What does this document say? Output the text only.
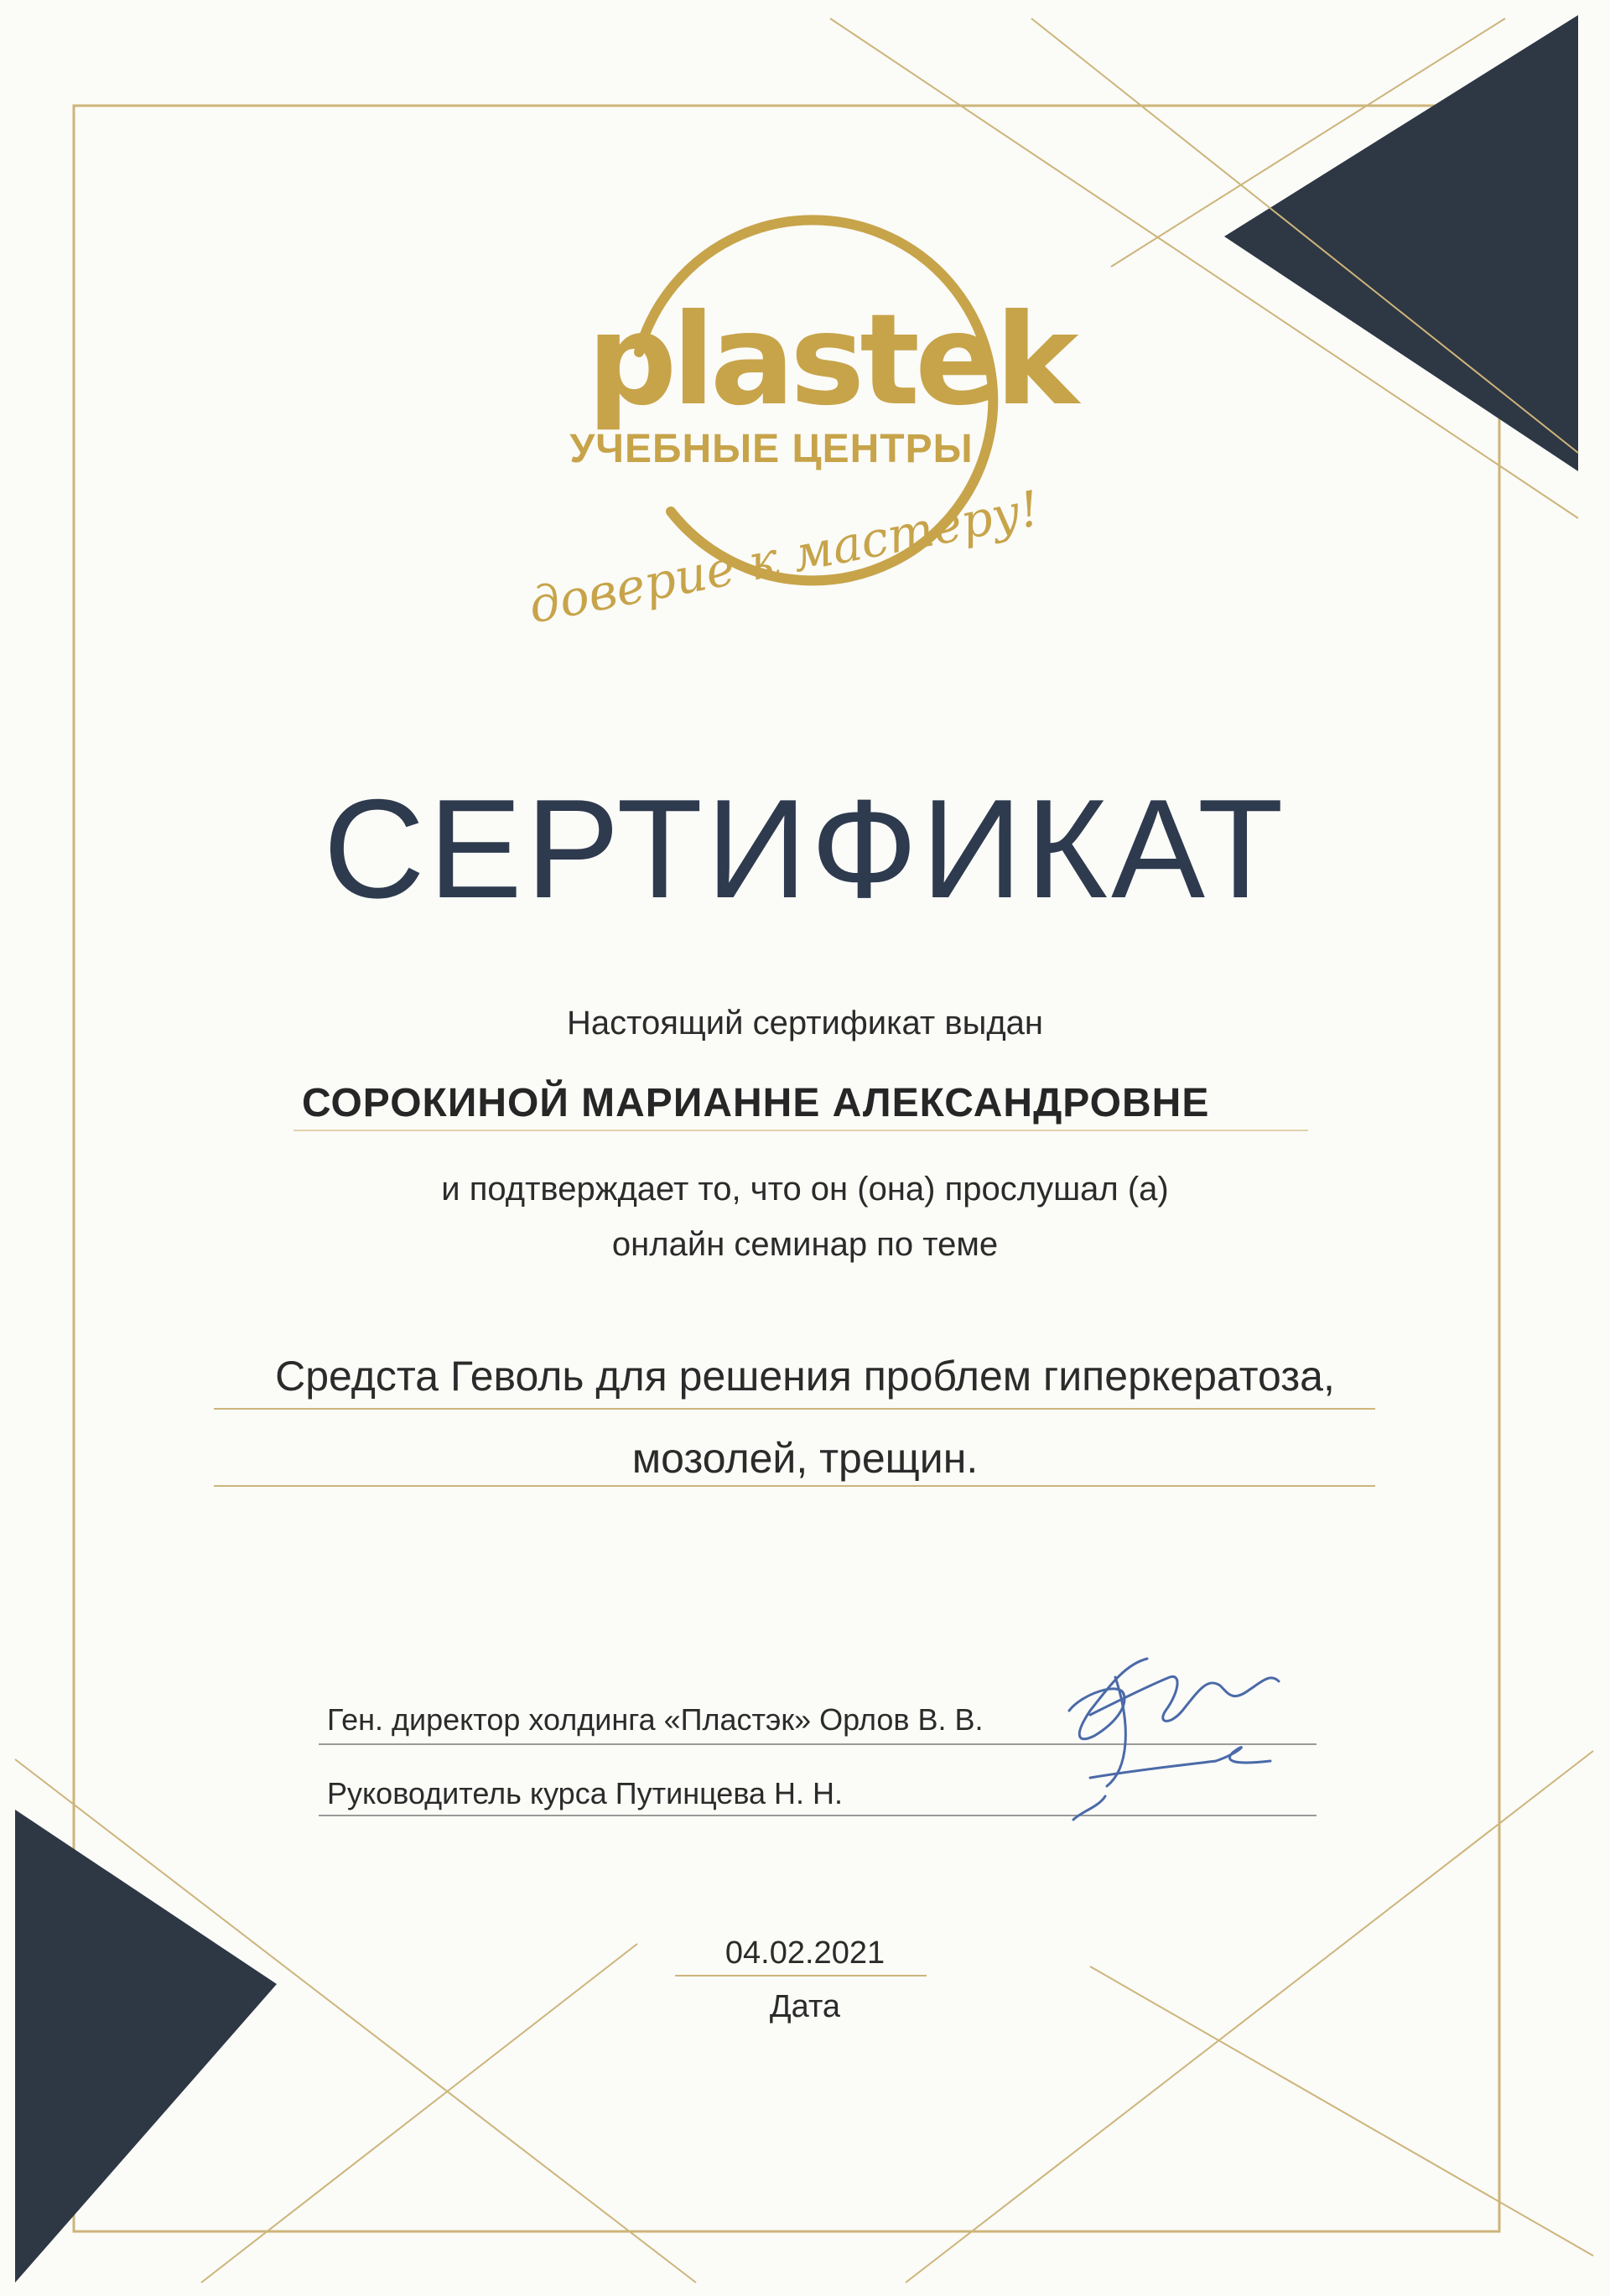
plastek
УЧЕБНЫЕ ЦЕНТРЫ
доверие к мастеру!
СЕРТИФИКАТ
Настоящий сертификат выдан
СОРОКИНОЙ МАРИАННЕ АЛЕКСАНДРОВНЕ
и подтверждает то, что он (она) прослушал (а)
онлайн семинар по теме
Средста Геволь для решения проблем гиперкератоза,
мозолей, трещин.
Ген. директор холдинга «Пластэк» Орлов В. В.
Руководитель курса Путинцева Н. Н.
04.02.2021
Дата
